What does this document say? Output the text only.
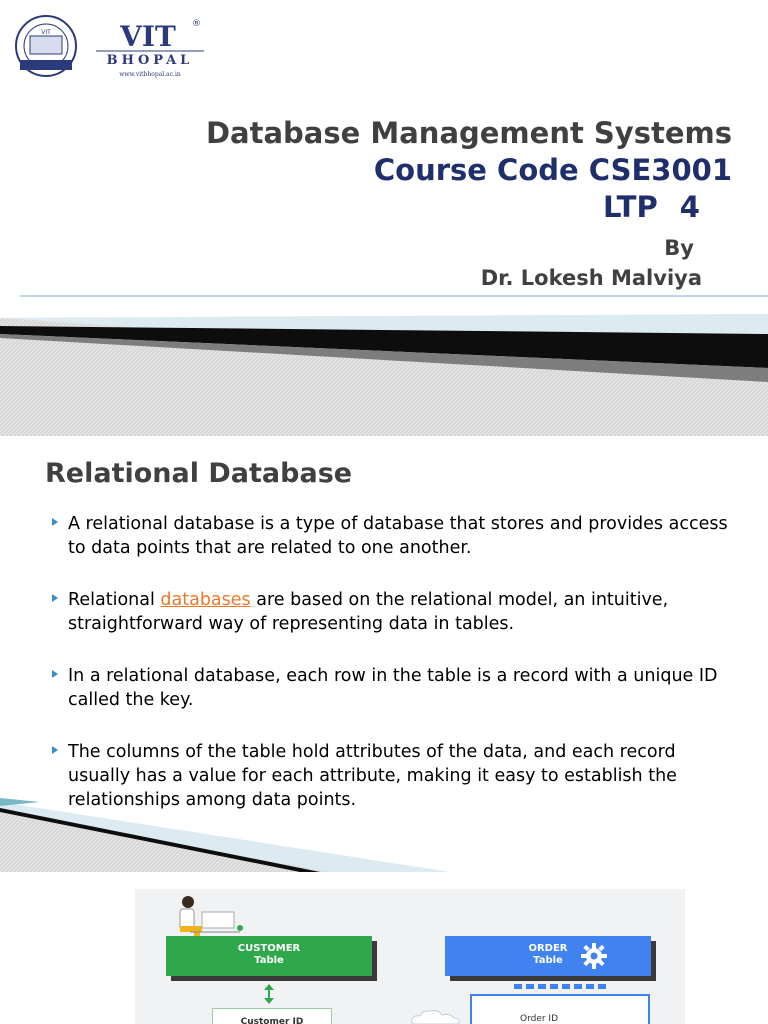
VIT VIT ®
BHOPAL
www.vitbhopal.ac.in
Database Management Systems
Course Code CSE3001
LTP 4
By
Dr. Lokesh Malviya
Relational Database
A relational database is a type of database that stores and provides access to data points that are related to one another.
Relational databases are based on the relational model, an intuitive, straightforward way of representing data in tables.
In a relational database, each row in the table is a record with a unique ID called the key.
The columns of the table hold attributes of the data, and each record usually has a value for each attribute, making it easy to establish the relationships among data points.
CUSTOMER
Table
ORDER
Table
Customer ID	Order ID
